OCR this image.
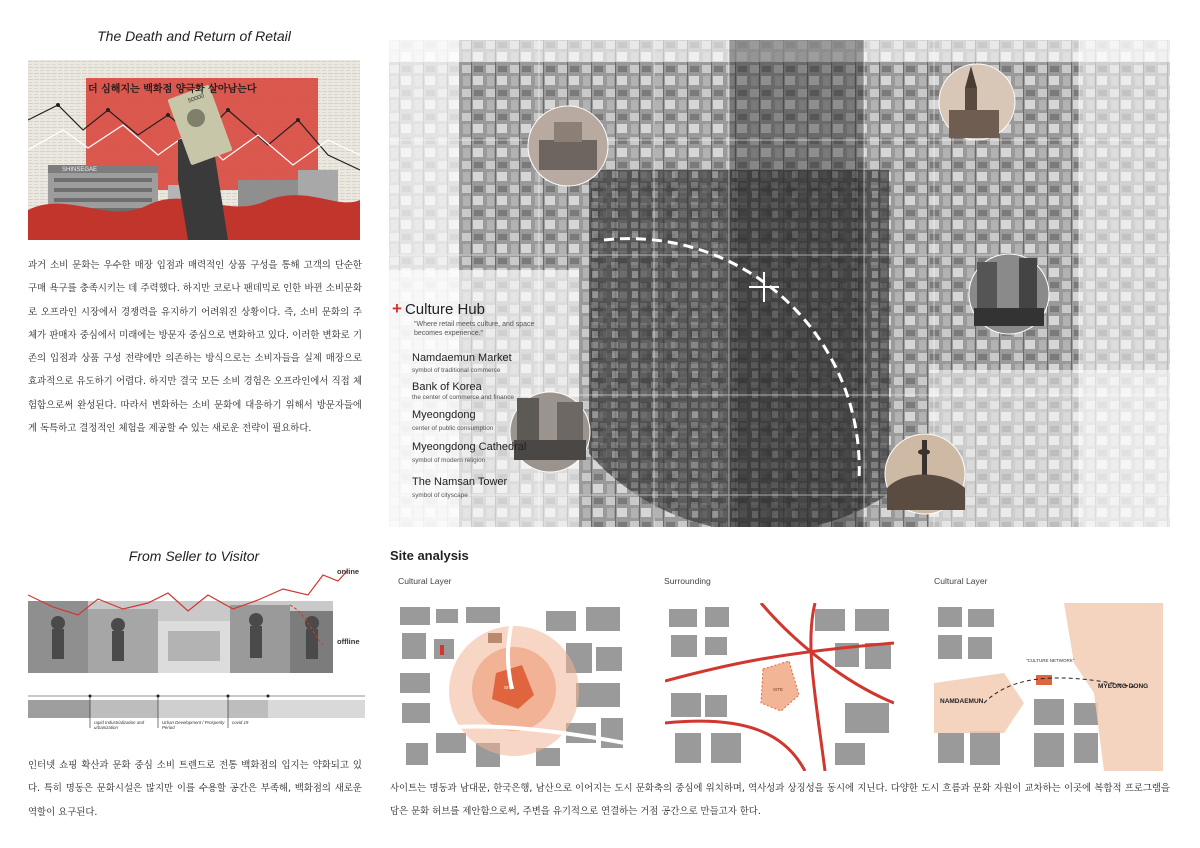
The Death and Return of Retail
더 심해지는 백화점 양극화 살아남는다
SHINSEGAE
50000
과거 소비 문화는 우수한 매장 입점과 매력적인 상품 구성을 통해 고객의 단순한 구매 욕구를 충족시키는 데 주력했다. 하지만 코로나 팬데믹로 인한 바뀐 소비문화로 오프라인 시장에서 경쟁력을 유지하기 어려워진 상황이다. 즉, 소비 문화의 주체가 판매자 중심에서 미래에는 방문자 중심으로 변화하고 있다. 이러한 변화로 기존의 입점과 상품 구성 전략에만 의존하는 방식으로는 소비자들을 실제 매장으로 효과적으로 유도하기 어렵다. 하지만 결국 모든 소비 경험은 오프라인에서 직접 체험함으로써 완성된다. 따라서 변화하는 소비 문화에 대응하기 위해서 방문자들에게 독특하고 결정적인 체험을 제공할 수 있는 새로운 전략이 필요하다.
+ Culture Hub
"Where retail meets culture, and space becomes experience."
Namdaemun Market
symbol of traditional commerce
Bank of Korea
the center of commerce and finance
Myeongdong
center of public consumption
Myeongdong Cathedral
symbol of modern religion
The Namsan Tower
symbol of cityscape
From Seller to Visitor
online
offline
rapid Industrialization and urbanization
Urban Development / Prosperity Period
covid 19
인터넷 쇼핑 확산과 문화 중심 소비 트렌드로 전통 백화점의 입지는 약화되고 있다. 특히 명동은 문화시설은 많지만 이를 수용할 공간은 부족해, 백화점의 새로운 역할이 요구된다.
Site analysis
Cultural Layer	Surrounding	Cultural Layer
SITE	SITE
"CULTURE NETWORK"
NAMDAEMUN
MYEONG DONG
사이트는 명동과 남대문, 한국은행, 남산으로 이어지는 도시 문화축의 중심에 위치하며, 역사성과 상징성을 동시에 지닌다. 다양한 도시 흐름과 문화 자원이 교차하는 이곳에 복합적 프로그램을 담은 문화 허브를 제안함으로써, 주변을 유기적으로 연결하는 거점 공간으로 만들고자 한다.
